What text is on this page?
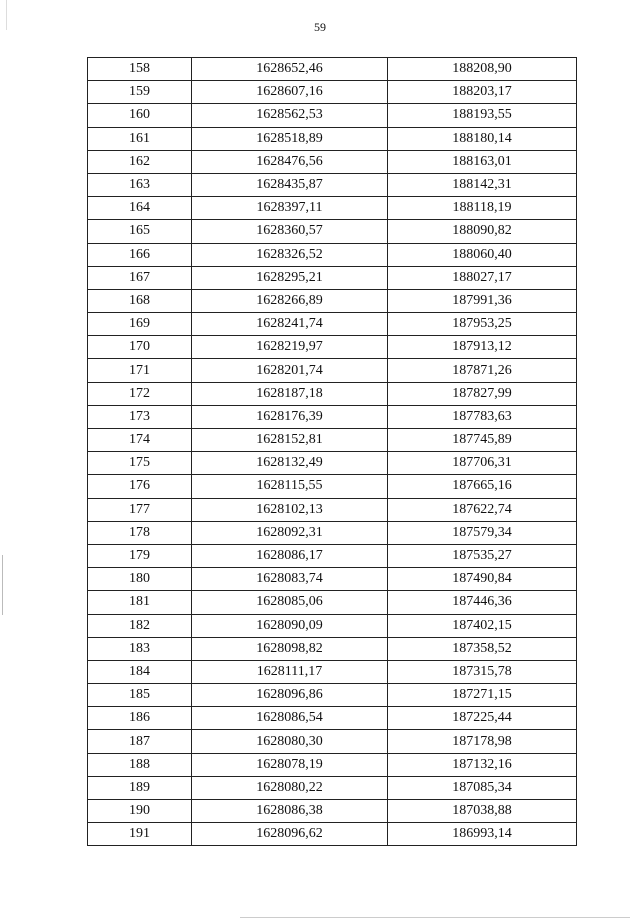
59
158	1628652,46	188208,90
159	1628607,16	188203,17
160	1628562,53	188193,55
161	1628518,89	188180,14
162	1628476,56	188163,01
163	1628435,87	188142,31
164	1628397,11	188118,19
165	1628360,57	188090,82
166	1628326,52	188060,40
167	1628295,21	188027,17
168	1628266,89	187991,36
169	1628241,74	187953,25
170	1628219,97	187913,12
171	1628201,74	187871,26
172	1628187,18	187827,99
173	1628176,39	187783,63
174	1628152,81	187745,89
175	1628132,49	187706,31
176	1628115,55	187665,16
177	1628102,13	187622,74
178	1628092,31	187579,34
179	1628086,17	187535,27
180	1628083,74	187490,84
181	1628085,06	187446,36
182	1628090,09	187402,15
183	1628098,82	187358,52
184	1628111,17	187315,78
185	1628096,86	187271,15
186	1628086,54	187225,44
187	1628080,30	187178,98
188	1628078,19	187132,16
189	1628080,22	187085,34
190	1628086,38	187038,88
191	1628096,62	186993,14
